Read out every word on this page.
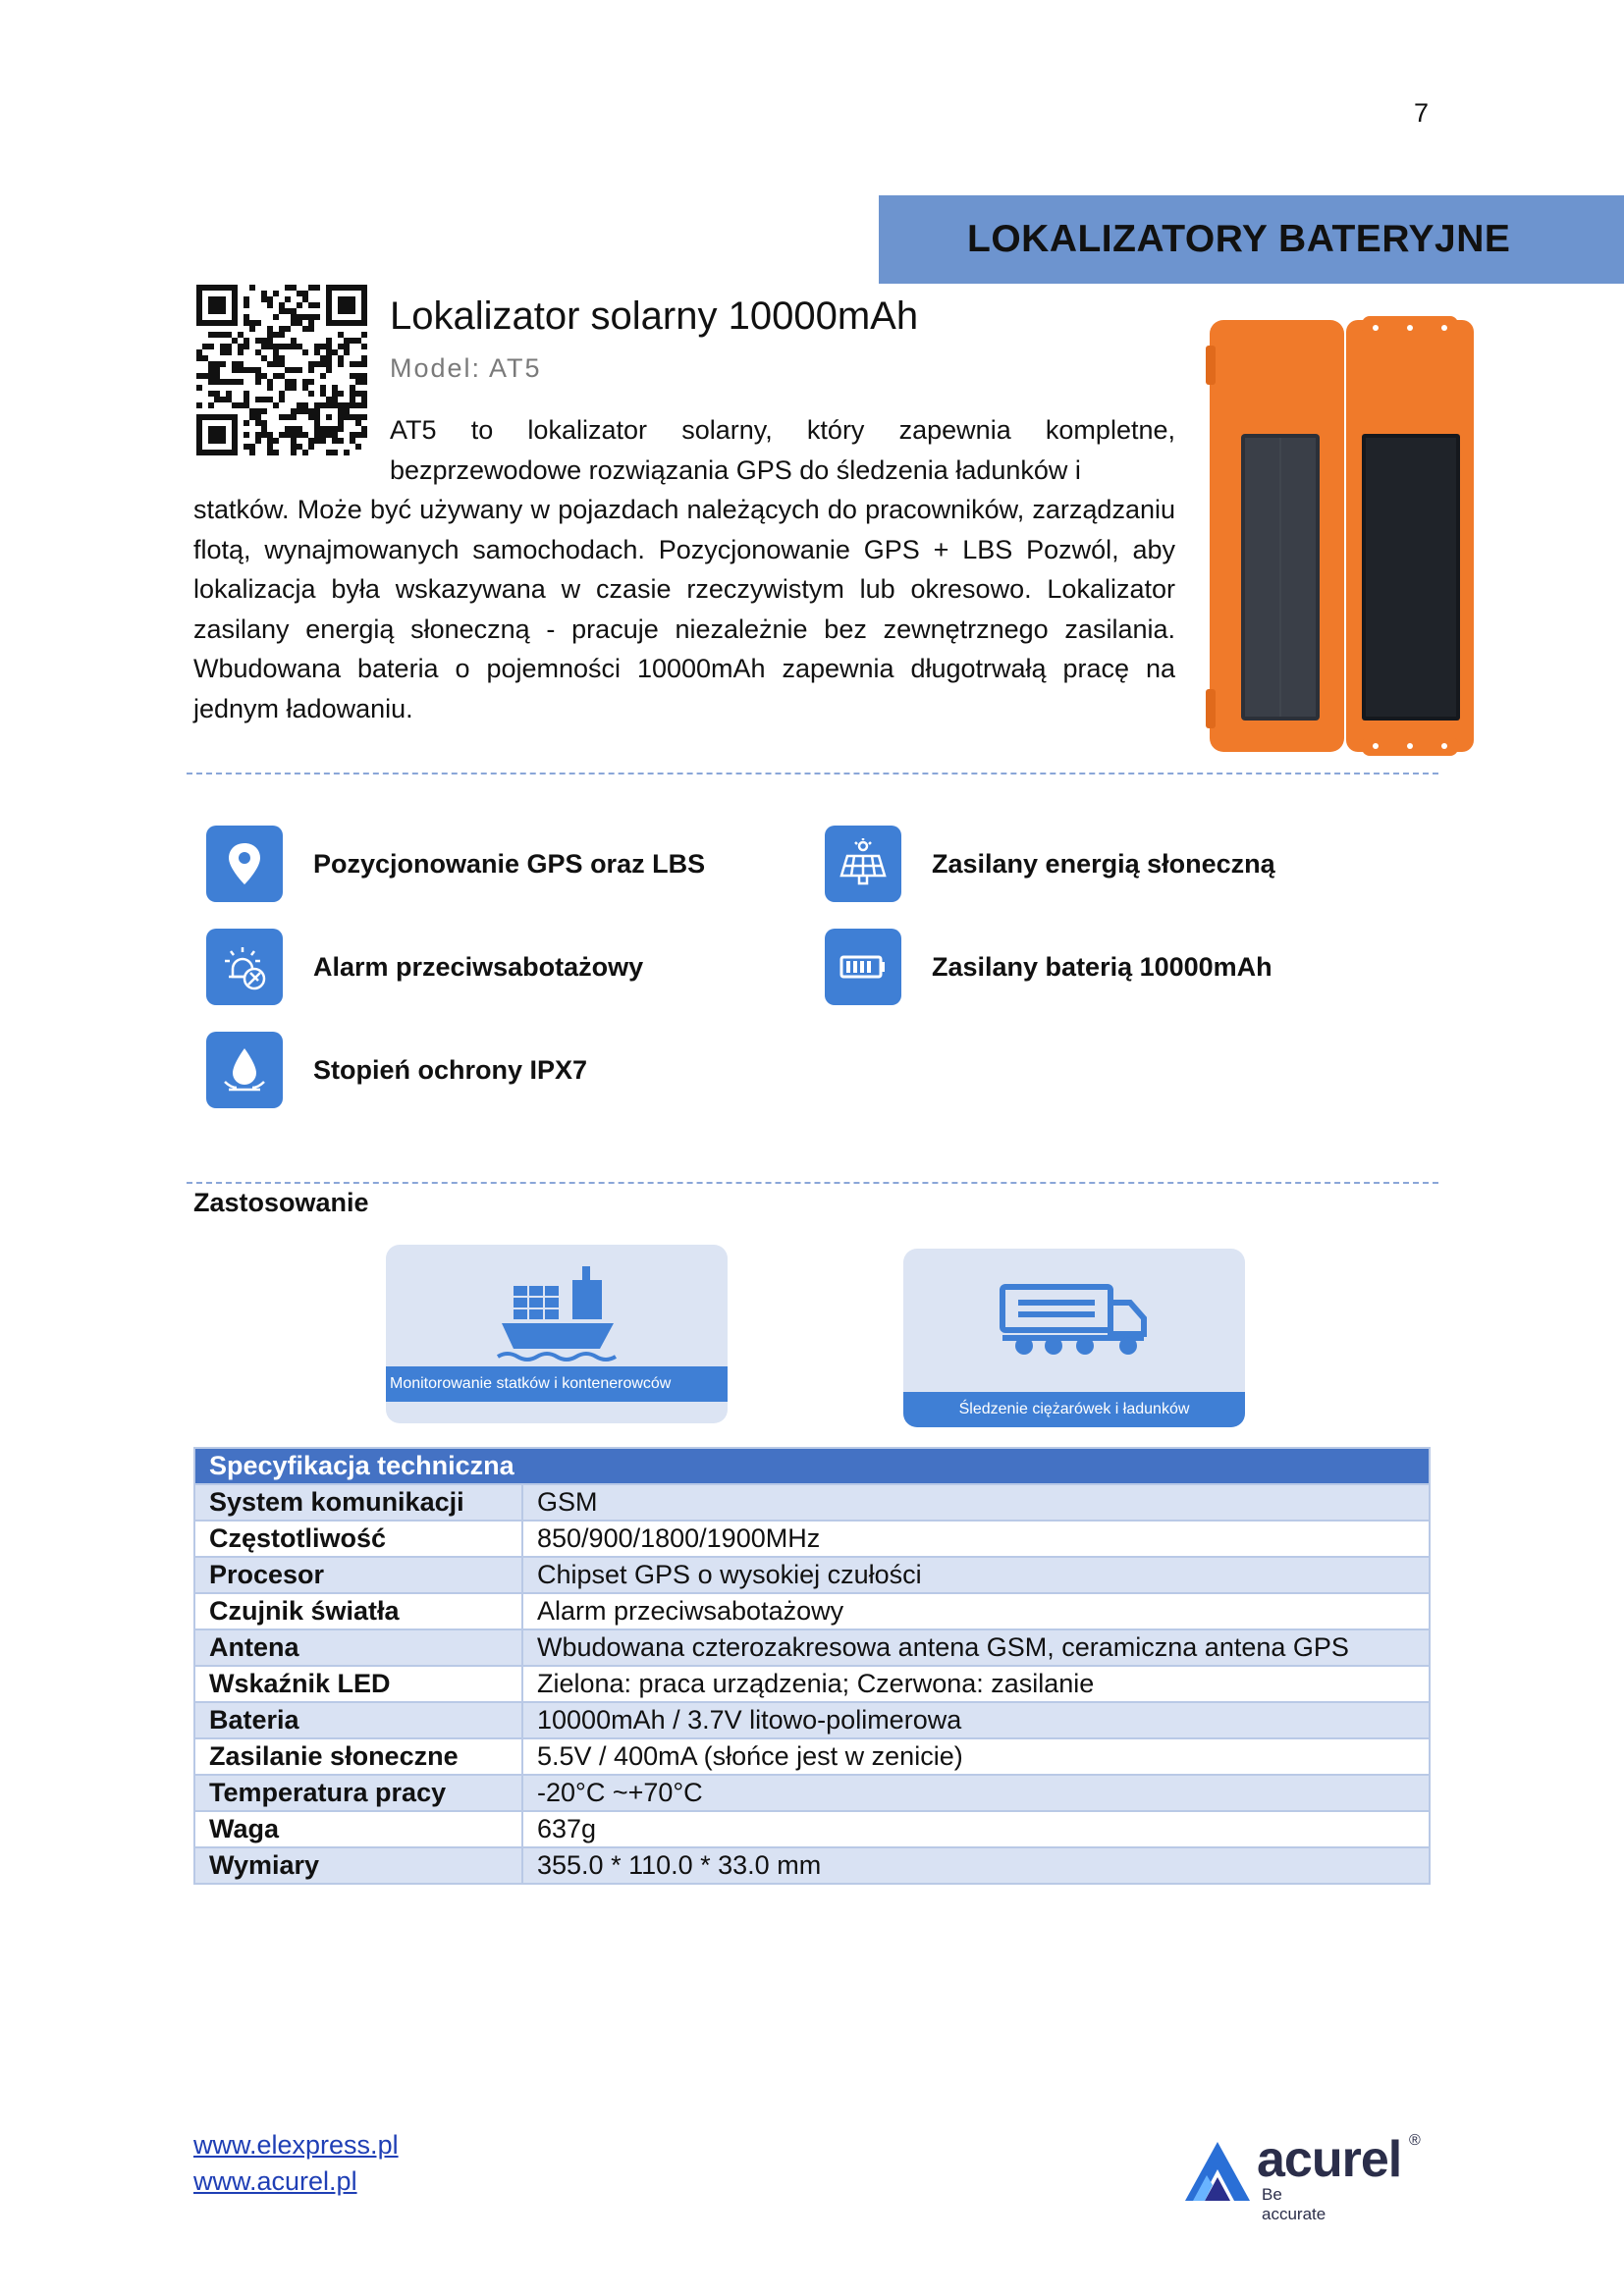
7
LOKALIZATORY BATERYJNE
Lokalizator solarny 10000mAh
Model: AT5
AT5 to lokalizator solarny, który zapewnia kompletne, bezprzewodowe rozwiązania GPS do śledzenia ładunków i
statków. Może być używany w pojazdach należących do pracowników, zarządzaniu flotą, wynajmowanych samochodach. Pozycjonowanie GPS + LBS Pozwól, aby lokalizacja była wskazywana w czasie rzeczywistym lub okresowo. Lokalizator zasilany energią słoneczną - pracuje niezależnie bez zewnętrznego zasilania. Wbudowana bateria o pojemności 10000mAh zapewnia długotrwałą pracę na jednym ładowaniu.
Pozycjonowanie GPS oraz LBS	Zasilany energią słoneczną
Alarm przeciwsabotażowy	Zasilany baterią 10000mAh
Stopień ochrony IPX7
Zastosowanie
Monitorowanie statków i kontenerowców
Śledzenie ciężarówek i ładunków
Specyfikacja techniczna	
System komunikacji	GSM
Częstotliwość	850/900/1800/1900MHz
Procesor	Chipset GPS o wysokiej czułości
Czujnik światła	Alarm przeciwsabotażowy
Antena	Wbudowana czterozakresowa antena GSM, ceramiczna antena GPS
Wskaźnik LED	Zielona: praca urządzenia; Czerwona: zasilanie
Bateria	10000mAh / 3.7V litowo-polimerowa
Zasilanie słoneczne	5.5V / 400mA (słońce jest w zenicie)
Temperatura pracy	-20°C ~+70°C
Waga	637g
Wymiary	355.0 * 110.0 * 33.0 mm
www.elexpress.pl
www.acurel.pl	acurel ®
Be accurate
